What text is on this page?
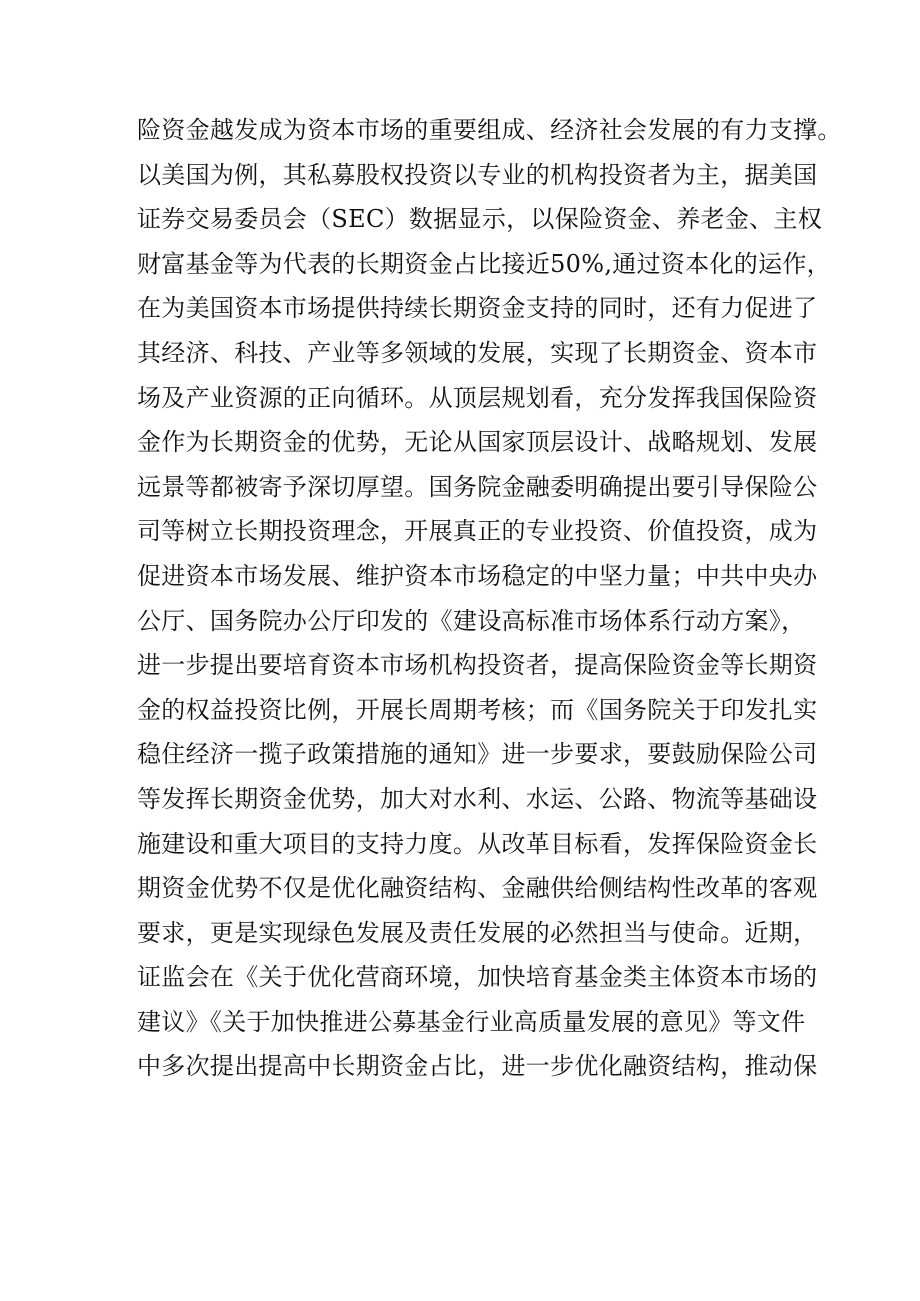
险资金越发成为资本市场的重要组成、经济社会发展的有力支撑。
以美国为例，其私募股权投资以专业的机构投资者为主，据美国
证券交易委员会（SEC）数据显示，以保险资金、养老金、主权
财富基金等为代表的长期资金占比接近50%,通过资本化的运作，
在为美国资本市场提供持续长期资金支持的同时，还有力促进了
其经济、科技、产业等多领域的发展，实现了长期资金、资本市
场及产业资源的正向循环。从顶层规划看，充分发挥我国保险资
金作为长期资金的优势，无论从国家顶层设计、战略规划、发展
远景等都被寄予深切厚望。国务院金融委明确提出要引导保险公
司等树立长期投资理念，开展真正的专业投资、价值投资，成为
促进资本市场发展、维护资本市场稳定的中坚力量；中共中央办
公厅、国务院办公厅印发的《建设高标准市场体系行动方案》，
进一步提出要培育资本市场机构投资者，提高保险资金等长期资
金的权益投资比例，开展长周期考核；而《国务院关于印发扎实
稳住经济一揽子政策措施的通知》进一步要求，要鼓励保险公司
等发挥长期资金优势，加大对水利、水运、公路、物流等基础设
施建设和重大项目的支持力度。从改革目标看，发挥保险资金长
期资金优势不仅是优化融资结构、金融供给侧结构性改革的客观
要求，更是实现绿色发展及责任发展的必然担当与使命。近期，
证监会在《关于优化营商环境，加快培育基金类主体资本市场的
建议》《关于加快推进公募基金行业高质量发展的意见》等文件
中多次提出提高中长期资金占比，进一步优化融资结构，推动保
